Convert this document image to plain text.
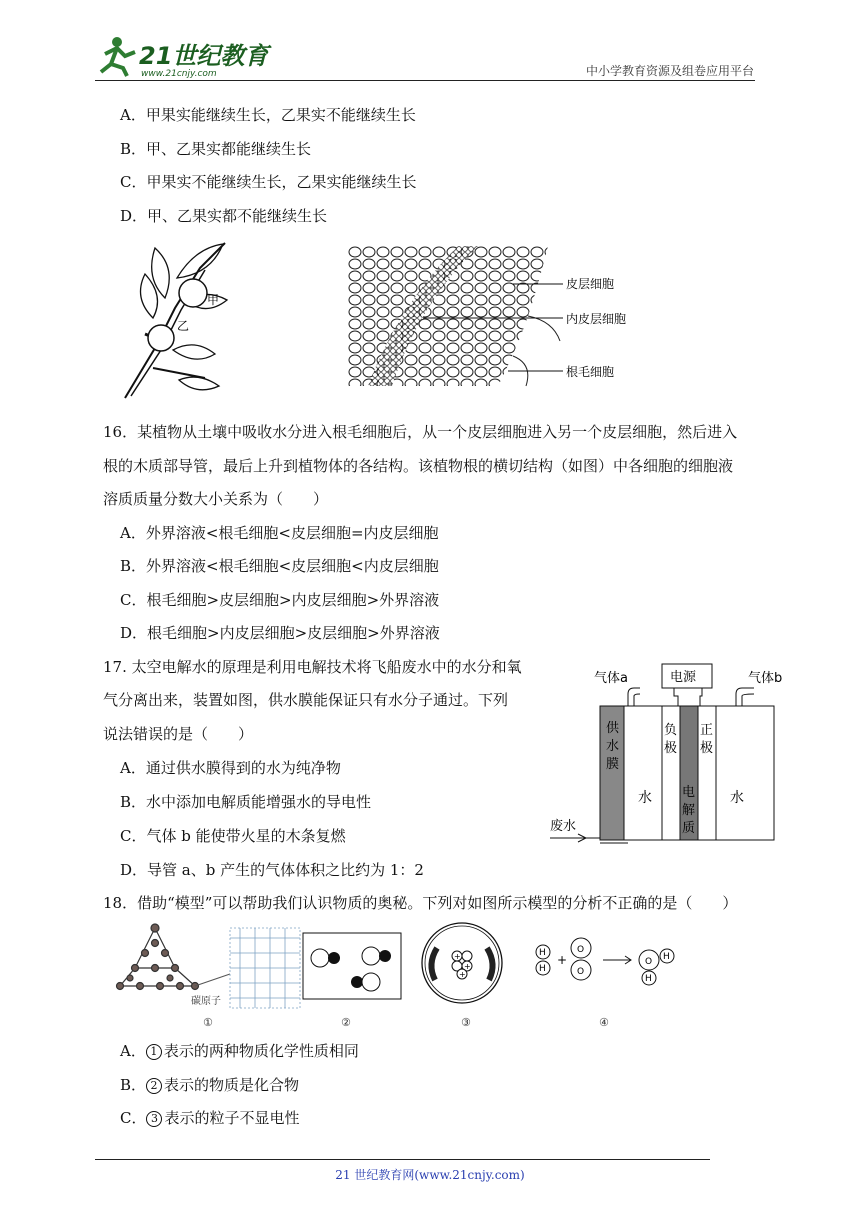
21世纪教育
www.21cnjy.com	中小学教育资源及组卷应用平台
A．甲果实能继续生长，乙果实不能继续生长
B．甲、乙果实都能继续生长
C．甲果实不能继续生长，乙果实能继续生长
D．甲、乙果实都不能继续生长
甲
乙
皮层细胞
内皮层细胞
根毛细胞
16．某植物从土壤中吸收水分进入根毛细胞后，从一个皮层细胞进入另一个皮层细胞，然后进入
根的木质部导管，最后上升到植物体的各结构。该植物根的横切结构（如图）中各细胞的细胞液
溶质质量分数大小关系为（　　）
A．外界溶液<根毛细胞<皮层细胞=内皮层细胞
B．外界溶液<根毛细胞<皮层细胞<内皮层细胞
C．根毛细胞>皮层细胞>内皮层细胞>外界溶液
D．根毛细胞>内皮层细胞>皮层细胞>外界溶液
17. 太空电解水的原理是利用电解技术将飞船废水中的水分和氧
气分离出来，装置如图，供水膜能保证只有水分子通过。下列
说法错误的是（　　）
A．通过供水膜得到的水为纯净物
B．水中添加电解质能增强水的导电性
C．气体 b 能使带火星的木条复燃
D．导管 a、b 产生的气体体积之比约为 1：2
电源
气体a	气体b
供
水
膜
负
极
正
极
电
解
质
水	水
废水
18．借助“模型”可以帮助我们认识物质的奥秘。下列对如图所示模型的分析不正确的是（　　）
碳原子
+
+
+
H
H
+
O
O
O H
H
①	②	③	④
A． 1 表示的两种物质化学性质相同
B． 2 表示的物质是化合物
C． 3 表示的粒子不显电性
21 世纪教育网(www.21cnjy.com)
